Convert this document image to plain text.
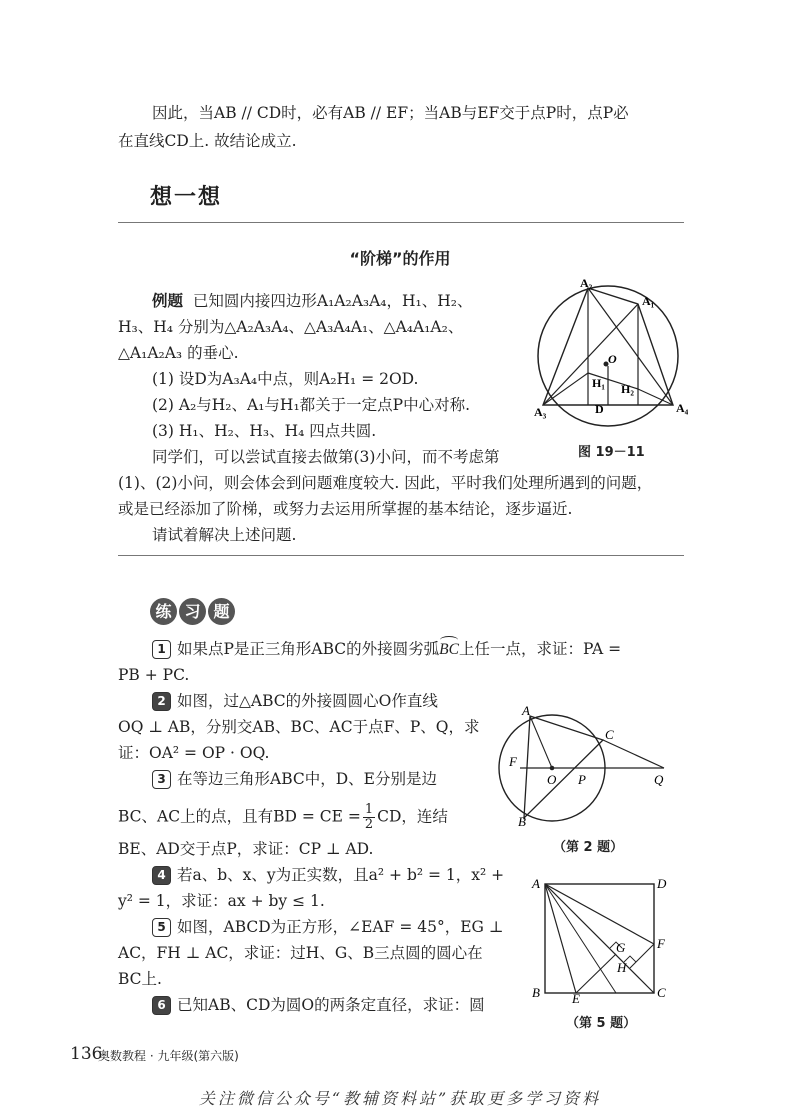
因此，当AB // CD时，必有AB // EF；当AB与EF交于点P时，点P必
在直线CD上. 故结论成立.
想一想
“阶梯”的作用
例题 已知圆内接四边形A₁A₂A₃A₄，H₁、H₂、
H₃、H₄ 分别为△A₂A₃A₄、△A₃A₄A₁、△A₄A₁A₂、
△A₁A₂A₃ 的垂心.
(1) 设D为A₃A₄中点，则A₂H₁ = 2OD.
(2) A₂与H₂、A₁与H₁都关于一定点P中心对称.
(3) H₁、H₂、H₃、H₄ 四点共圆.
同学们，可以尝试直接去做第(3)小问，而不考虑第
(1)、(2)小问，则会体会到问题难度较大. 因此，平时我们处理所遇到的问题，
或是已经添加了阶梯，或努力去运用所掌握的基本结论，逐步逼近.
请试着解决上述问题.
A₂
A₁
A₃	A₄
O
H₁ H₂
D
图 19－11
练 习 题
1 如果点P是正三角形ABC的外接圆劣弧BC上任一点，求证：PA =
PB + PC.
2 如图，过△ABC的外接圆圆心O作直线
OQ ⊥ AB，分别交AB、BC、AC于点F、P、Q，求
证：OA² = OP · OQ.
3 在等边三角形ABC中，D、E分别是边
BC、AC上的点，且有BD = CE = $\frac{1}{2}$ CD，连结
BE、AD交于点P，求证：CP ⊥ AD.
4 若a、b、x、y为正实数，且a² + b² = 1，x² +
y² = 1，求证：ax + by ≤ 1.
5 如图，ABCD为正方形，∠EAF = 45°，EG ⊥
AC，FH ⊥ AC，求证：过H、G、B三点圆的圆心在
BC上.
6 已知AB、CD为圆O的两条定直径，求证：圆
A
C
F
O P	Q
B
（第 2 题）
A	D
F
G
H
B E	C
（第 5 题）
136
奥数教程 · 九年级(第六版)
关注微信公众号“教辅资料站”获取更多学习资料
